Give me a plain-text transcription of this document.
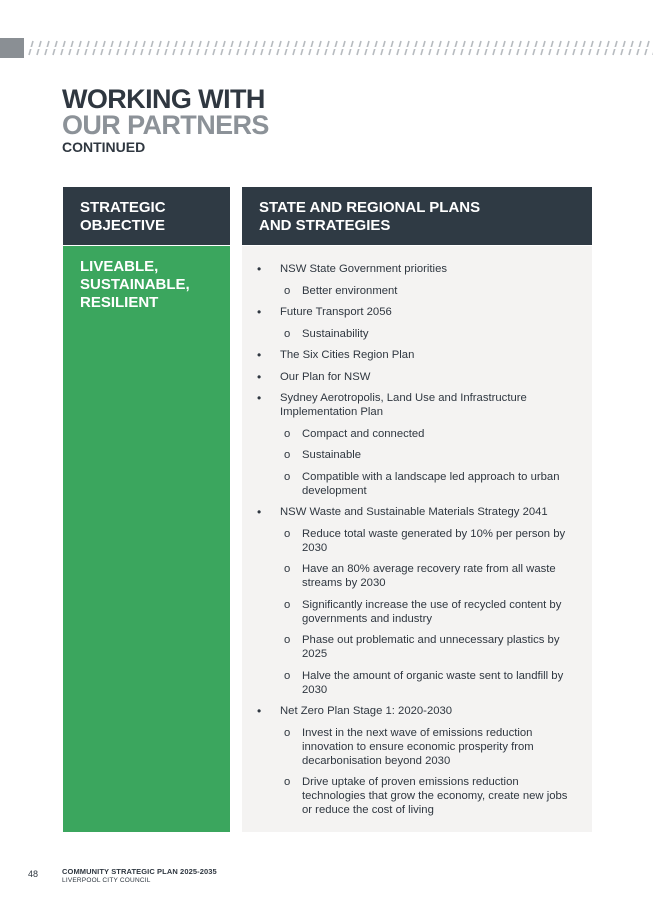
WORKING WITH
OUR PARTNERS
CONTINUED
STRATEGIC
OBJECTIVE
STATE AND REGIONAL PLANS
AND STRATEGIES
LIVEABLE,
SUSTAINABLE,
RESILIENT
• NSW State Government priorities
o Better environment
• Future Transport 2056
o Sustainability
• The Six Cities Region Plan
• Our Plan for NSW
• Sydney Aerotropolis, Land Use and Infrastructure Implementation Plan
o Compact and connected
o Sustainable
o Compatible with a landscape led approach to urban development
• NSW Waste and Sustainable Materials Strategy 2041
o Reduce total waste generated by 10% per person by 2030
o Have an 80% average recovery rate from all waste streams by 2030
o Significantly increase the use of recycled content by governments and industry
o Phase out problematic and unnecessary plastics by 2025
o Halve the amount of organic waste sent to landfill by 2030
• Net Zero Plan Stage 1: 2020-2030
o Invest in the next wave of emissions reduction innovation to ensure economic prosperity from decarbonisation beyond 2030
o Drive uptake of proven emissions reduction technologies that grow the economy, create new jobs or reduce the cost of living
48	COMMUNITY STRATEGIC PLAN 2025-2035
LIVERPOOL CITY COUNCIL
